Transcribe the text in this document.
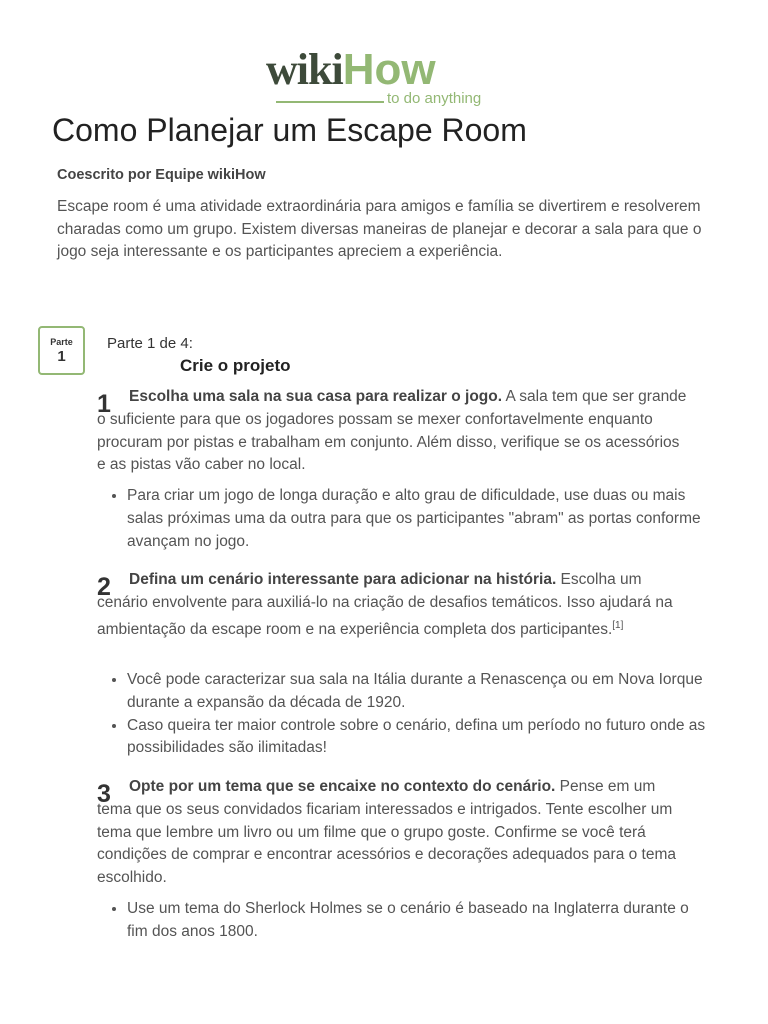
wikiHow
to do anything
Como Planejar um Escape Room
Coescrito por Equipe wikiHow

Escape room é uma atividade extraordinária para amigos e família se divertirem e resolverem charadas como um grupo. Existem diversas maneiras de planejar e decorar a sala para que o jogo seja interessante e os participantes apreciem a experiência.

Parte
1
Parte 1 de 4:
Crie o projeto
1	Escolha uma sala na sua casa para realizar o jogo. A sala tem que ser grande o suficiente para que os jogadores possam se mexer confortavelmente enquanto procuram por pistas e trabalham em conjunto. Além disso, verifique se os acessórios e as pistas vão caber no local.

• Para criar um jogo de longa duração e alto grau de dificuldade, use duas ou mais salas próximas uma da outra para que os participantes "abram" as portas conforme avançam no jogo.
2	Defina um cenário interessante para adicionar na história. Escolha um cenário envolvente para auxiliá-lo na criação de desafios temáticos. Isso ajudará na ambientação da escape room e na experiência completa dos participantes.[1]

• Você pode caracterizar sua sala na Itália durante a Renascença ou em Nova Iorque durante a expansão da década de 1920.
• Caso queira ter maior controle sobre o cenário, defina um período no futuro onde as possibilidades são ilimitadas!
3	Opte por um tema que se encaixe no contexto do cenário. Pense em um tema que os seus convidados ficariam interessados e intrigados. Tente escolher um tema que lembre um livro ou um filme que o grupo goste. Confirme se você terá condições de comprar e encontrar acessórios e decorações adequados para o tema escolhido.

• Use um tema do Sherlock Holmes se o cenário é baseado na Inglaterra durante o fim dos anos 1800.
